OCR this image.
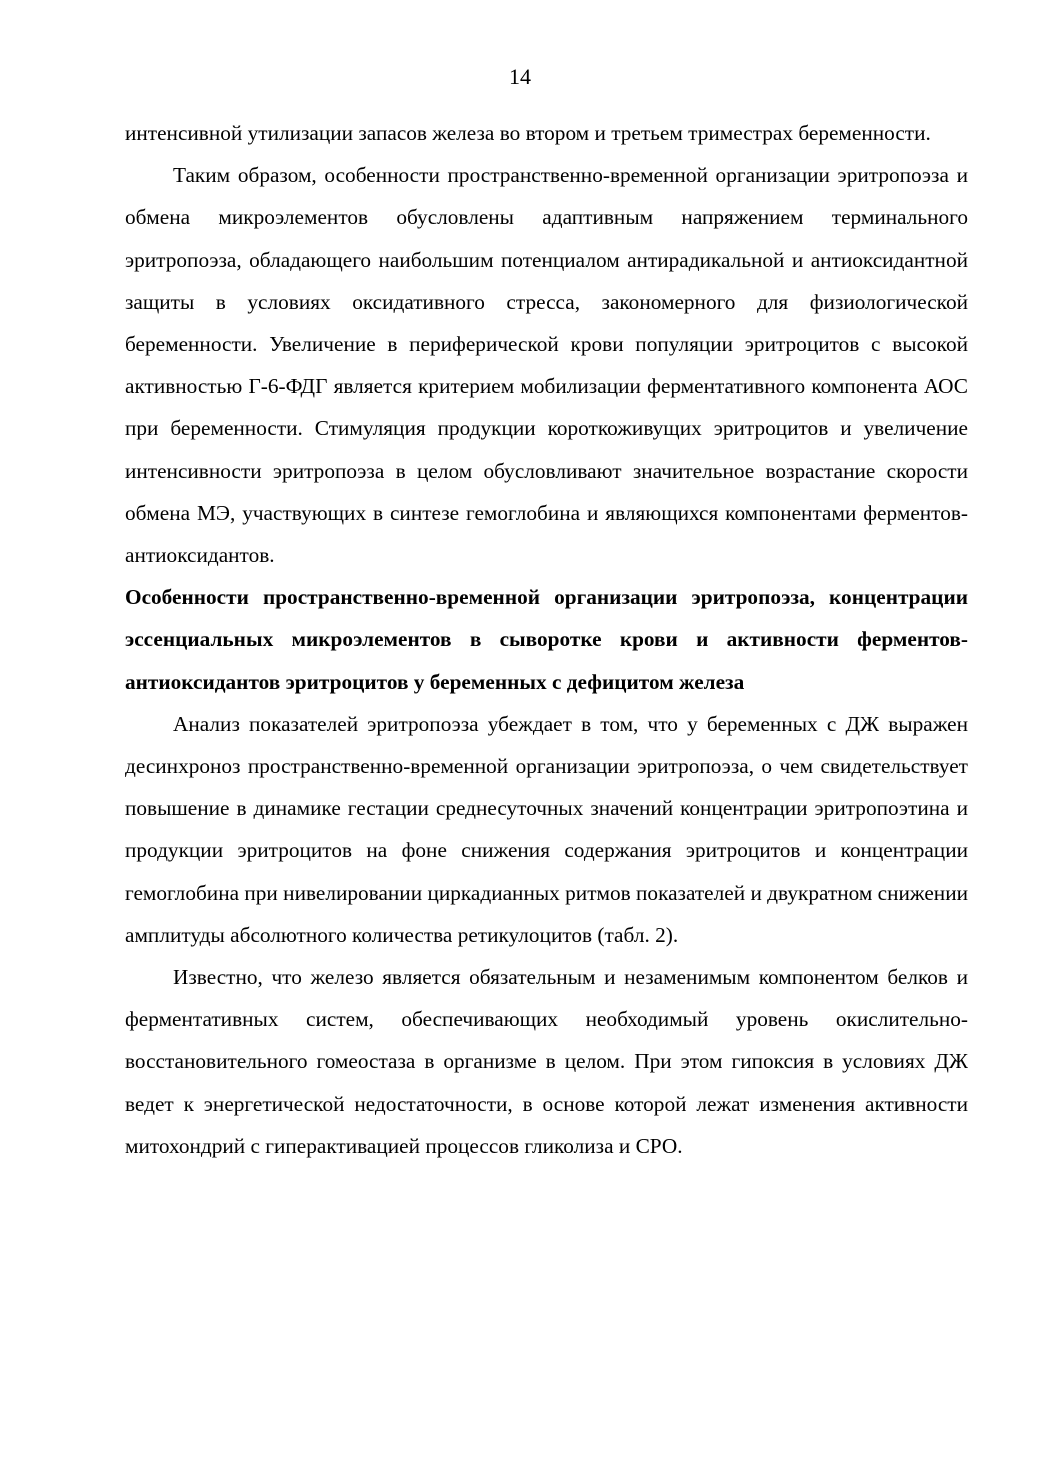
14

интенсивной утилизации запасов железа во втором и третьем триместрах беременности.

Таким образом, особенности пространственно-временной организации эритропоэза и обмена микроэлементов обусловлены адаптивным напряжением терминального эритропоэза, обладающего наибольшим потенциалом антирадикальной и антиоксидантной защиты в условиях оксидативного стресса, закономерного для физиологической беременности. Увеличение в периферической крови популяции эритроцитов с высокой активностью Г-6-ФДГ является критерием мобилизации ферментативного компонента АОС при беременности. Стимуляция продукции короткоживущих эритроцитов и увеличение интенсивности эритропоэза в целом обусловливают значительное возрастание скорости обмена МЭ, участвующих в синтезе гемоглобина и являющихся компонентами ферментов-антиоксидантов.

Особенности пространственно-временной организации эритропоэза, концентрации эссенциальных микроэлементов в сыворотке крови и активности ферментов-антиоксидантов эритроцитов у беременных с дефицитом железа

Анализ показателей эритропоэза убеждает в том, что у беременных с ДЖ выражен десинхроноз пространственно-временной организации эритропоэза, о чем свидетельствует повышение в динамике гестации среднесуточных значений концентрации эритропоэтина и продукции эритроцитов на фоне снижения содержания эритроцитов и концентрации гемоглобина при нивелировании циркадианных ритмов показателей и двукратном снижении амплитуды абсолютного количества ретикулоцитов (табл. 2).

Известно, что железо является обязательным и незаменимым компонентом белков и ферментативных систем, обеспечивающих необходимый уровень окислительно-восстановительного гомеостаза в организме в целом. При этом гипоксия в условиях ДЖ ведет к энергетической недостаточности, в основе которой лежат изменения активности митохондрий с гиперактивацией процессов гликолиза и СРО.
